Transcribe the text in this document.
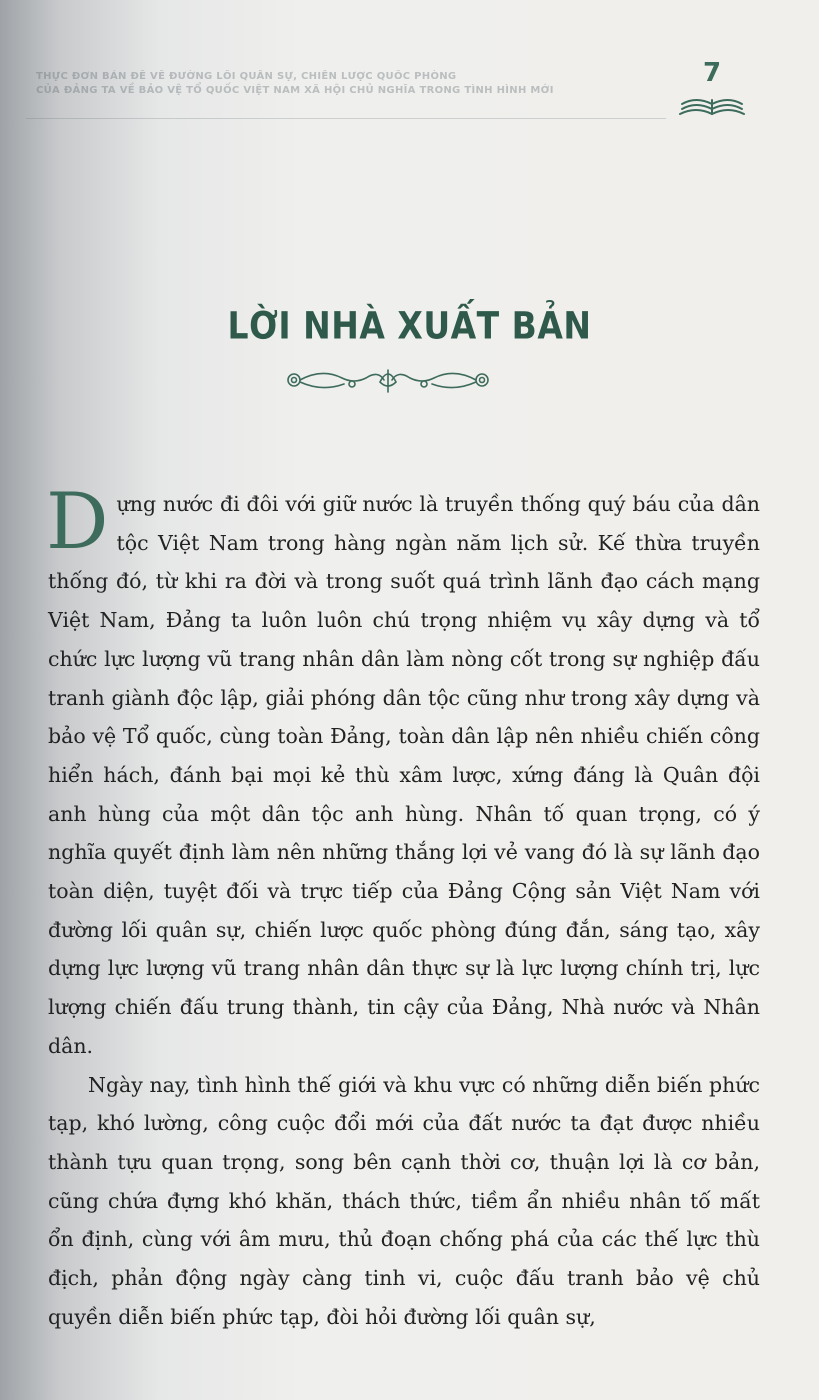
THỰC ĐƠN BẢN ĐỀ VỀ ĐƯỜNG LỐI QUÂN SỰ, CHIẾN LƯỢC QUỐC PHÒNG
CỦA ĐẢNG TA VỀ BẢO VỆ TỔ QUỐC VIỆT NAM XÃ HỘI CHỦ NGHĨA TRONG TÌNH HÌNH MỚI
7
LỜI NHÀ XUẤT BẢN

Dựng nước đi đôi với giữ nước là truyền thống quý báu của dân tộc Việt Nam trong hàng ngàn năm lịch sử. Kế thừa truyền thống đó, từ khi ra đời và trong suốt quá trình lãnh đạo cách mạng Việt Nam, Đảng ta luôn luôn chú trọng nhiệm vụ xây dựng và tổ chức lực lượng vũ trang nhân dân làm nòng cốt trong sự nghiệp đấu tranh giành độc lập, giải phóng dân tộc cũng như trong xây dựng và bảo vệ Tổ quốc, cùng toàn Đảng, toàn dân lập nên nhiều chiến công hiển hách, đánh bại mọi kẻ thù xâm lược, xứng đáng là Quân đội anh hùng của một dân tộc anh hùng. Nhân tố quan trọng, có ý nghĩa quyết định làm nên những thắng lợi vẻ vang đó là sự lãnh đạo toàn diện, tuyệt đối và trực tiếp của Đảng Cộng sản Việt Nam với đường lối quân sự, chiến lược quốc phòng đúng đắn, sáng tạo, xây dựng lực lượng vũ trang nhân dân thực sự là lực lượng chính trị, lực lượng chiến đấu trung thành, tin cậy của Đảng, Nhà nước và Nhân dân.

Ngày nay, tình hình thế giới và khu vực có những diễn biến phức tạp, khó lường, công cuộc đổi mới của đất nước ta đạt được nhiều thành tựu quan trọng, song bên cạnh thời cơ, thuận lợi là cơ bản, cũng chứa đựng khó khăn, thách thức, tiềm ẩn nhiều nhân tố mất ổn định, cùng với âm mưu, thủ đoạn chống phá của các thế lực thù địch, phản động ngày càng tinh vi, cuộc đấu tranh bảo vệ chủ quyền diễn biến phức tạp, đòi hỏi đường lối quân sự,
